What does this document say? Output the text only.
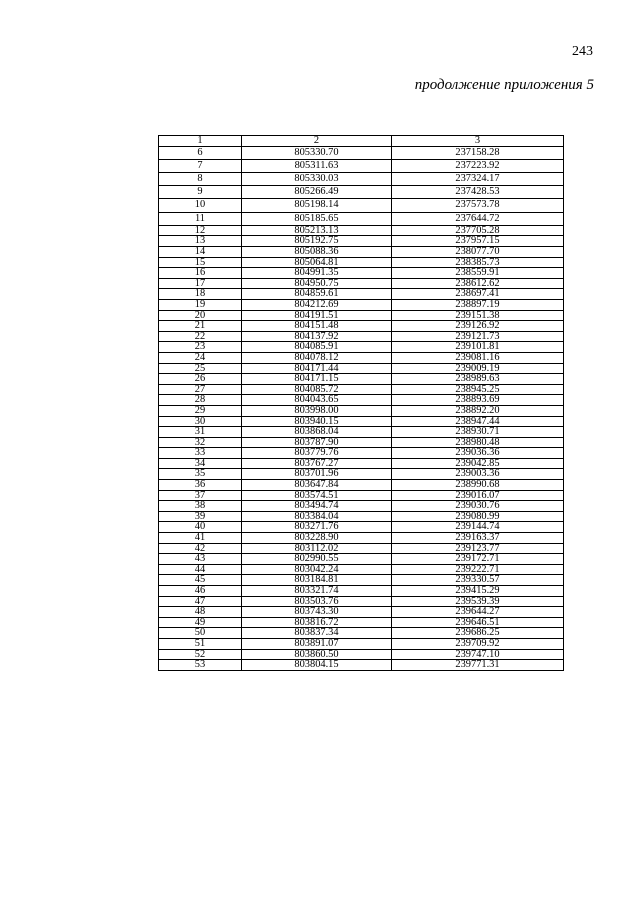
243
продолжение приложения 5
1	2	3
6	805330.70	237158.28
7	805311.63	237223.92
8	805330.03	237324.17
9	805266.49	237428.53
10	805198.14	237573.78
11	805185.65	237644.72
12	805213.13	237705.28
13	805192.75	237957.15
14	805088.36	238077.70
15	805064.81	238385.73
16	804991.35	238559.91
17	804950.75	238612.62
18	804859.61	238697.41
19	804212.69	238897.19
20	804191.51	239151.38
21	804151.48	239126.92
22	804137.92	239121.73
23	804085.91	239101.81
24	804078.12	239081.16
25	804171.44	239009.19
26	804171.15	238989.63
27	804085.72	238945.25
28	804043.65	238893.69
29	803998.00	238892.20
30	803940.15	238947.44
31	803868.04	238930.71
32	803787.90	238980.48
33	803779.76	239036.36
34	803767.27	239042.85
35	803701.96	239003.36
36	803647.84	238990.68
37	803574.51	239016.07
38	803494.74	239030.76
39	803384.04	239080.99
40	803271.76	239144.74
41	803228.90	239163.37
42	803112.02	239123.77
43	802990.55	239172.71
44	803042.24	239222.71
45	803184.81	239330.57
46	803321.74	239415.29
47	803503.76	239539.39
48	803743.30	239644.27
49	803816.72	239646.51
50	803837.34	239686.25
51	803891.07	239709.92
52	803860.50	239747.10
53	803804.15	239771.31
